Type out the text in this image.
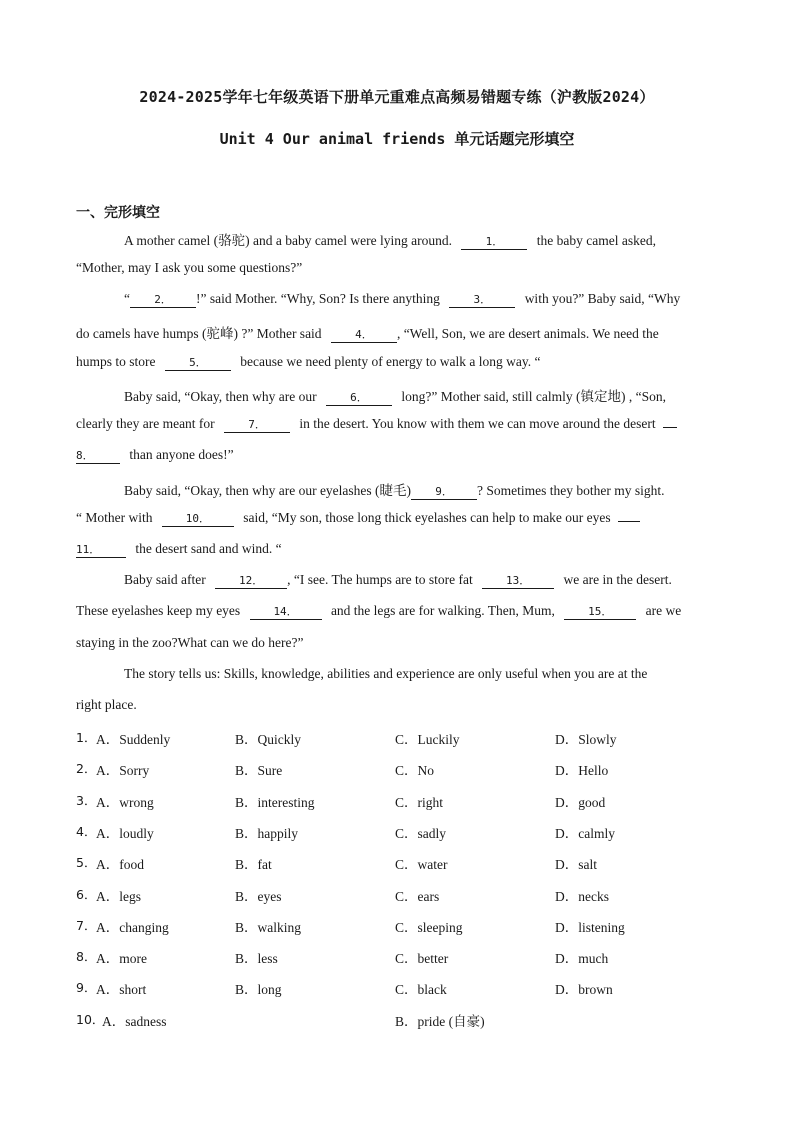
2024-2025学年七年级英语下册单元重难点高频易错题专练（沪教版2024）
Unit 4 Our animal friends 单元话题完形填空
一、完形填空
A mother camel (骆驼) and a baby camel were lying around.	1． the baby camel asked,
“Mother, may I ask you some questions?”
“ 2． !” said Mother. “Why, Son? Is there anything	3． with you?” Baby said, “Why
do camels have humps (驼峰) ?” Mother said	4． , “Well, Son, we are desert animals. We need the
humps to store	5． because we need plenty of energy to walk a long way. “
Baby said, “Okay, then why are our	6． long?” Mother said, still calmly (镇定地) , “Son,
clearly they are meant for	7． in the desert. You know with them we can move around the desert
8．	than anyone does!”
Baby said, “Okay, then why are our eyelashes (睫毛) 9． ? Sometimes they bother my sight.
“ Mother with	10． said, “My son, those long thick eyelashes can help to make our eyes
11．	the desert sand and wind. “
Baby said after	12． , “I see. The humps are to store fat	13． we are in the desert.
These eyelashes keep my eyes	14． and the legs are for walking. Then, Mum,	15． are we
staying in the zoo?What can we do here?”
The story tells us: Skills, knowledge, abilities and experience are only useful when you are at the
right place.
1． A．Suddenly	B．Quickly	C．Luckily	D．Slowly
2． A．Sorry	B．Sure	C．No	D．Hello
3． A．wrong	B．interesting	C．right	D．good
4． A．loudly	B．happily	C．sadly	D．calmly
5． A．food	B．fat	C．water	D．salt
6． A．legs	B．eyes	C．ears	D．necks
7． A．changing	B．walking	C．sleeping	D．listening
8． A．more	B．less	C．better	D．much
9． A．short	B．long	C．black	D．brown
10．
A．sadness	B．pride (自豪)
